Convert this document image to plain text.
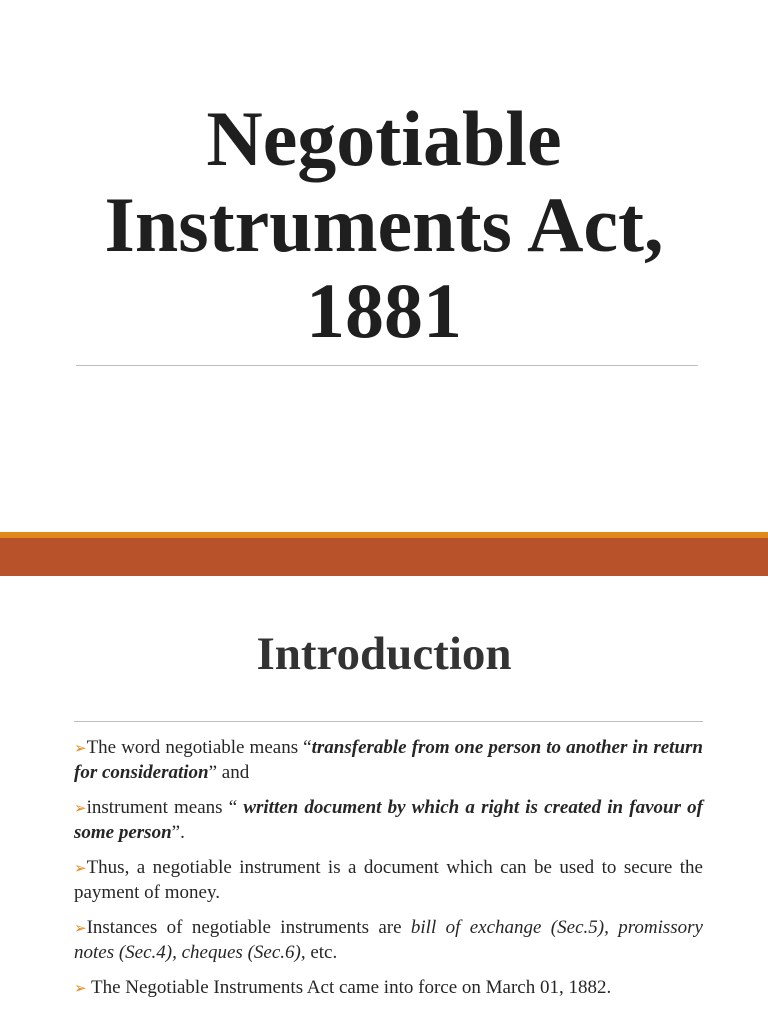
Negotiable Instruments Act, 1881
Introduction
➢The word negotiable means “transferable from one person to another in return for consideration” and
➢instrument means “ written document by which a right is created in favour of some person”.
➢Thus, a negotiable instrument is a document which can be used to secure the payment of money.
➢Instances of negotiable instruments are bill of exchange (Sec.5), promissory notes (Sec.4), cheques (Sec.6), etc.
➢ The Negotiable Instruments Act came into force on March 01, 1882.
